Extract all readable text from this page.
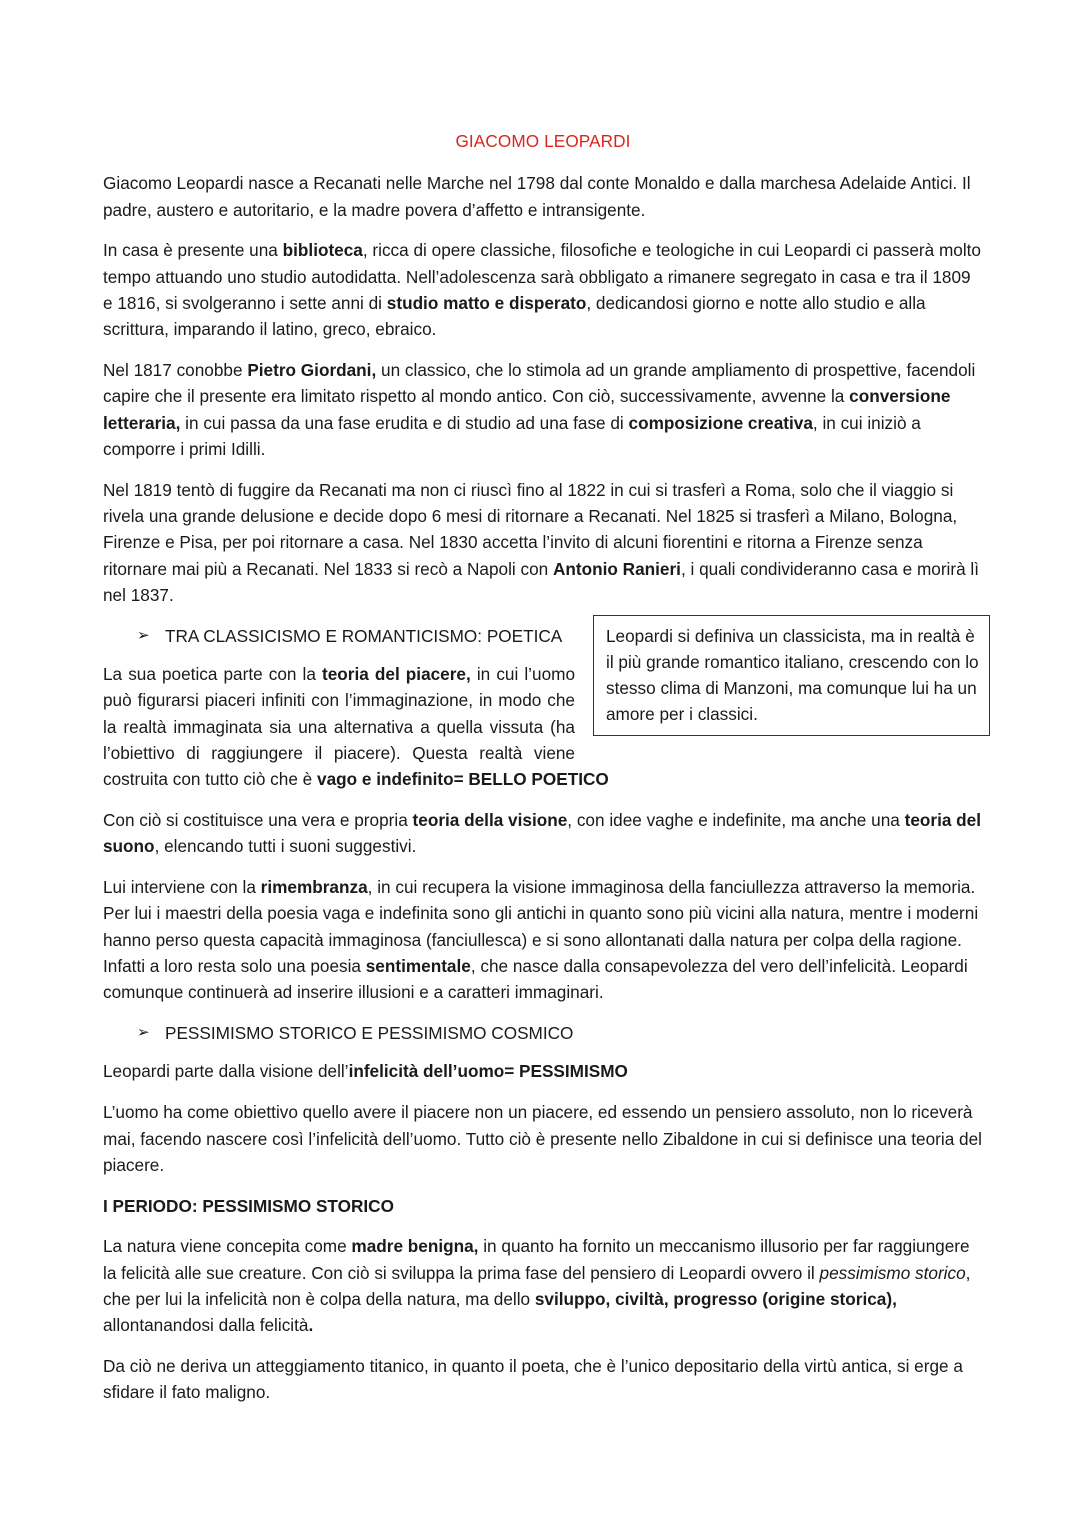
GIACOMO LEOPARDI

Giacomo Leopardi nasce a Recanati nelle Marche nel 1798 dal conte Monaldo e dalla marchesa Adelaide Antici. Il padre, austero e autoritario, e la madre povera d’affetto e intransigente.

In casa è presente una biblioteca, ricca di opere classiche, filosofiche e teologiche in cui Leopardi ci passerà molto tempo attuando uno studio autodidatta. Nell’adolescenza sarà obbligato a rimanere segregato in casa e tra il 1809 e 1816, si svolgeranno i sette anni di studio matto e disperato, dedicandosi giorno e notte allo studio e alla scrittura, imparando il latino, greco, ebraico.

Nel 1817 conobbe Pietro Giordani, un classico, che lo stimola ad un grande ampliamento di prospettive, facendoli capire che il presente era limitato rispetto al mondo antico. Con ciò, successivamente, avvenne la conversione letteraria, in cui passa da una fase erudita e di studio ad una fase di composizione creativa, in cui iniziò a comporre i primi Idilli.

Nel 1819 tentò di fuggire da Recanati ma non ci riuscì fino al 1822 in cui si trasferì a Roma, solo che il viaggio si rivela una grande delusione e decide dopo 6 mesi di ritornare a Recanati. Nel 1825 si trasferì a Milano, Bologna, Firenze e Pisa, per poi ritornare a casa. Nel 1830 accetta l’invito di alcuni fiorentini e ritorna a Firenze senza ritornare mai più a Recanati. Nel 1833 si recò a Napoli con Antonio Ranieri, i quali condivideranno casa e morirà lì nel 1837.

Leopardi si definiva un classicista, ma in realtà è il più grande romantico italiano, crescendo con lo stesso clima di Manzoni, ma comunque lui ha un amore per i classici.
➢ TRA CLASSICISMO E ROMANTICISMO: POETICA

La sua poetica parte con la teoria del piacere, in cui l’uomo può figurarsi piaceri infiniti con l’immaginazione, in modo che la realtà immaginata sia una alternativa a quella vissuta (ha l’obiettivo di raggiungere il piacere). Questa realtà viene costruita con tutto ciò che è vago e indefinito= BELLO POETICO

Con ciò si costituisce una vera e propria teoria della visione, con idee vaghe e indefinite, ma anche una teoria del suono, elencando tutti i suoni suggestivi.

Lui interviene con la rimembranza, in cui recupera la visione immaginosa della fanciullezza attraverso la memoria. Per lui i maestri della poesia vaga e indefinita sono gli antichi in quanto sono più vicini alla natura, mentre i moderni hanno perso questa capacità immaginosa (fanciullesca) e si sono allontanati dalla natura per colpa della ragione. Infatti a loro resta solo una poesia sentimentale, che nasce dalla consapevolezza del vero dell’infelicità. Leopardi comunque continuerà ad inserire illusioni e a caratteri immaginari.

➢ PESSIMISMO STORICO E PESSIMISMO COSMICO

Leopardi parte dalla visione dell’infelicità dell’uomo= PESSIMISMO

L’uomo ha come obiettivo quello avere il piacere non un piacere, ed essendo un pensiero assoluto, non lo riceverà mai, facendo nascere così l’infelicità dell’uomo. Tutto ciò è presente nello Zibaldone in cui si definisce una teoria del piacere.

I PERIODO: PESSIMISMO STORICO

La natura viene concepita come madre benigna, in quanto ha fornito un meccanismo illusorio per far raggiungere la felicità alle sue creature. Con ciò si sviluppa la prima fase del pensiero di Leopardi ovvero il pessimismo storico, che per lui la infelicità non è colpa della natura, ma dello sviluppo, civiltà, progresso (origine storica), allontanandosi dalla felicità.

Da ciò ne deriva un atteggiamento titanico, in quanto il poeta, che è l’unico depositario della virtù antica, si erge a sfidare il fato maligno.
